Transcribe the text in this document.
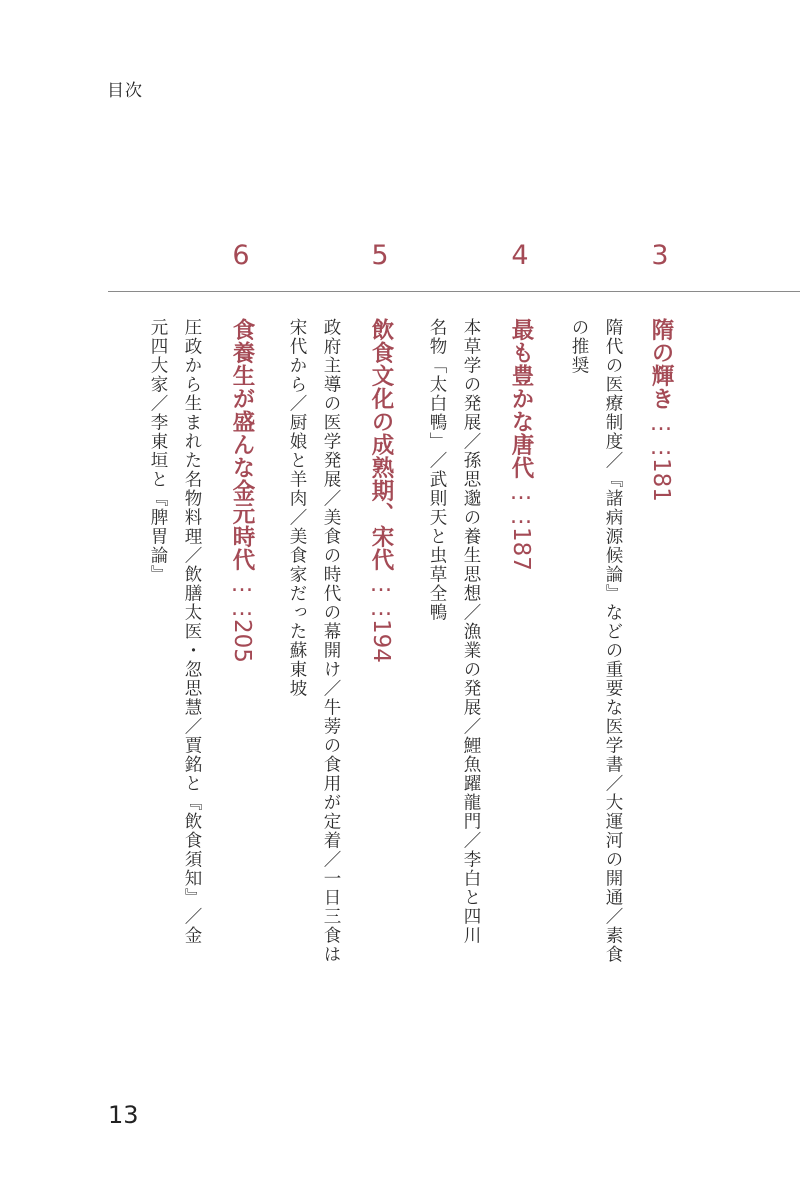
目次
3
隋の輝き……181
隋代の医療制度／『諸病源候論』などの重要な医学書／大運河の開通／素食
の推奨
4
最も豊かな唐代……187
本草学の発展／孫思邈の養生思想／漁業の発展／鯉魚躍龍門／李白と四川
名物「太白鴨」／武則天と虫草全鴨
5
飲食文化の成熟期、宋代……194
政府主導の医学発展／美食の時代の幕開け／牛蒡の食用が定着／一日三食は
宋代から／厨娘と羊肉／美食家だった蘇東坡
6
食養生が盛んな金元時代……205
圧政から生まれた名物料理／飲膳太医・忽思慧／賈銘と『飲食須知』／金
元四大家／李東垣と『脾胃論』
13
